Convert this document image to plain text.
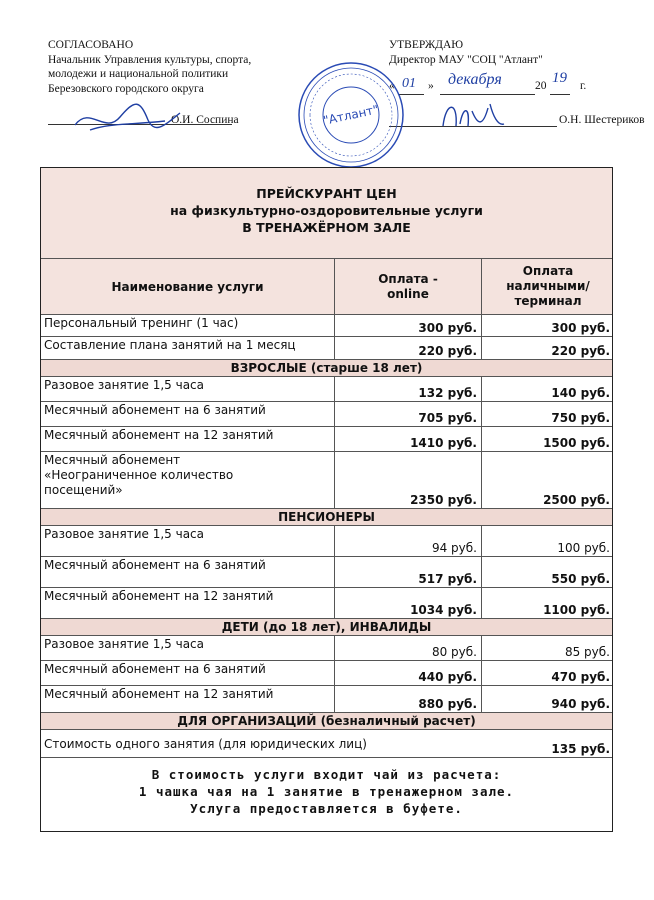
СОГЛАСОВАНО
Начальник Управления культуры, спорта,
молодежи и национальной политики
Березовского городского округа
О.И. Соспина
УТВЕРЖДАЮ
Директор МАУ "СОЦ "Атлант"
« 01 » декабря	20 19 г.
О.Н. Шестериков
"Атлант"
ПРЕЙСКУРАНТ ЦЕН
на физкультурно-оздоровительные услуги
В ТРЕНАЖЁРНОМ ЗАЛЕ
Наименование услуги
Оплата - online
Оплата наличными/ терминал
Персональный тренинг (1 час)	300 руб.	300 руб.
Составление плана занятий на 1 месяц	220 руб.	220 руб.
ВЗРОСЛЫЕ (старше 18 лет)
Разовое занятие 1,5 часа
132 руб.	140 руб.
Месячный абонемент на 6 занятий
705 руб.	750 руб.
Месячный абонемент на 12 занятий
1410 руб.	1500 руб.
Месячный абонемент «Неограниченное количество посещений»
2350 руб.	2500 руб.
ПЕНСИОНЕРЫ
Разовое занятие 1,5 часа
94 руб.	100 руб.
Месячный абонемент на 6 занятий
517 руб.	550 руб.
Месячный абонемент на 12 занятий
1034 руб.	1100 руб.
ДЕТИ (до 18 лет), ИНВАЛИДЫ
Разовое занятие 1,5 часа
80 руб.	85 руб.
Месячный абонемент на 6 занятий
440 руб.	470 руб.
Месячный абонемент на 12 занятий
880 руб.	940 руб.
ДЛЯ ОРГАНИЗАЦИЙ (безналичный расчет)
Стоимость одного занятия (для юридических лиц)	135 руб.
В стоимость услуги входит чай из расчета:
1 чашка чая на 1 занятие в тренажерном зале.
Услуга предоставляется в буфете.
